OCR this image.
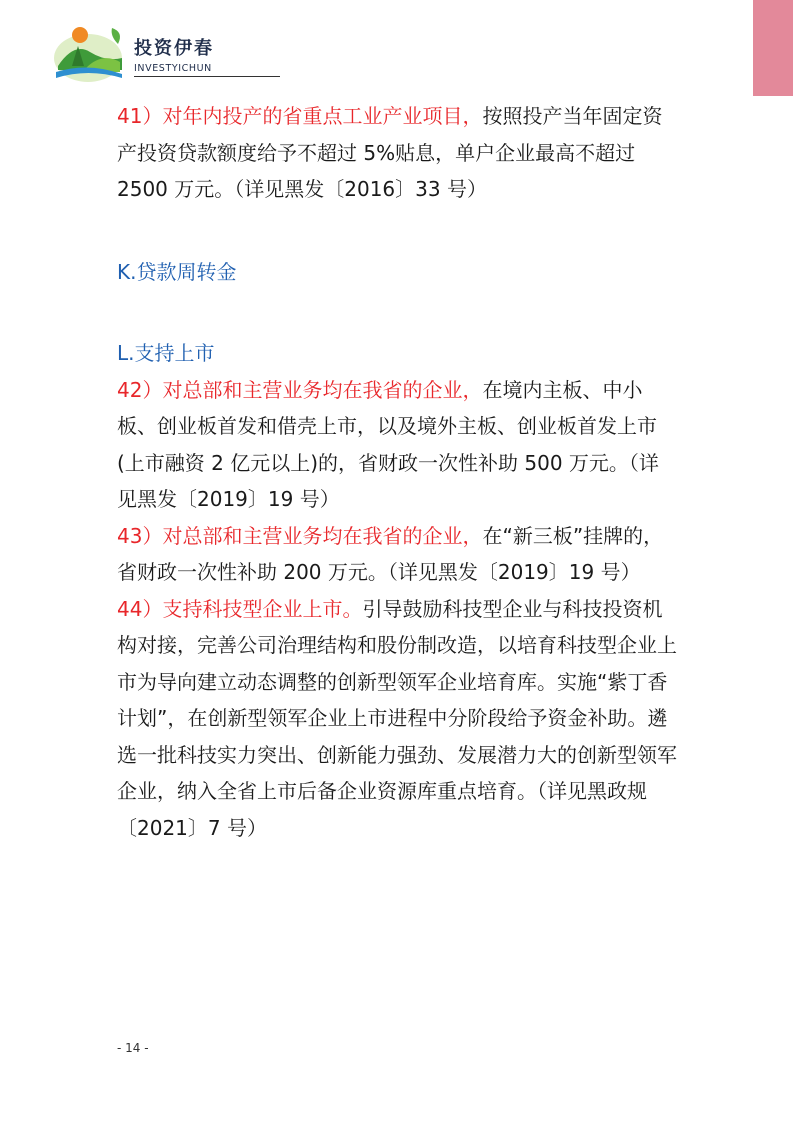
投资伊春
INVESTYICHUN

41）对年内投产的省重点工业产业项目，按照投产当年固定资产投资贷款额度给予不超过 5%贴息，单户企业最高不超过 2500 万元。（详见黑发〔2016〕33 号）

K.贷款周转金

L.支持上市

42）对总部和主营业务均在我省的企业，在境内主板、中小板、创业板首发和借壳上市，以及境外主板、创业板首发上市(上市融资 2 亿元以上)的，省财政一次性补助 500 万元。（详见黑发〔2019〕19 号）

43）对总部和主营业务均在我省的企业，在“新三板”挂牌的，省财政一次性补助 200 万元。（详见黑发〔2019〕19 号）

44）支持科技型企业上市。引导鼓励科技型企业与科技投资机构对接，完善公司治理结构和股份制改造，以培育科技型企业上市为导向建立动态调整的创新型领军企业培育库。实施“紫丁香计划”，在创新型领军企业上市进程中分阶段给予资金补助。遴选一批科技实力突出、创新能力强劲、发展潜力大的创新型领军企业，纳入全省上市后备企业资源库重点培育。（详见黑政规〔2021〕7 号）

- 14 -
